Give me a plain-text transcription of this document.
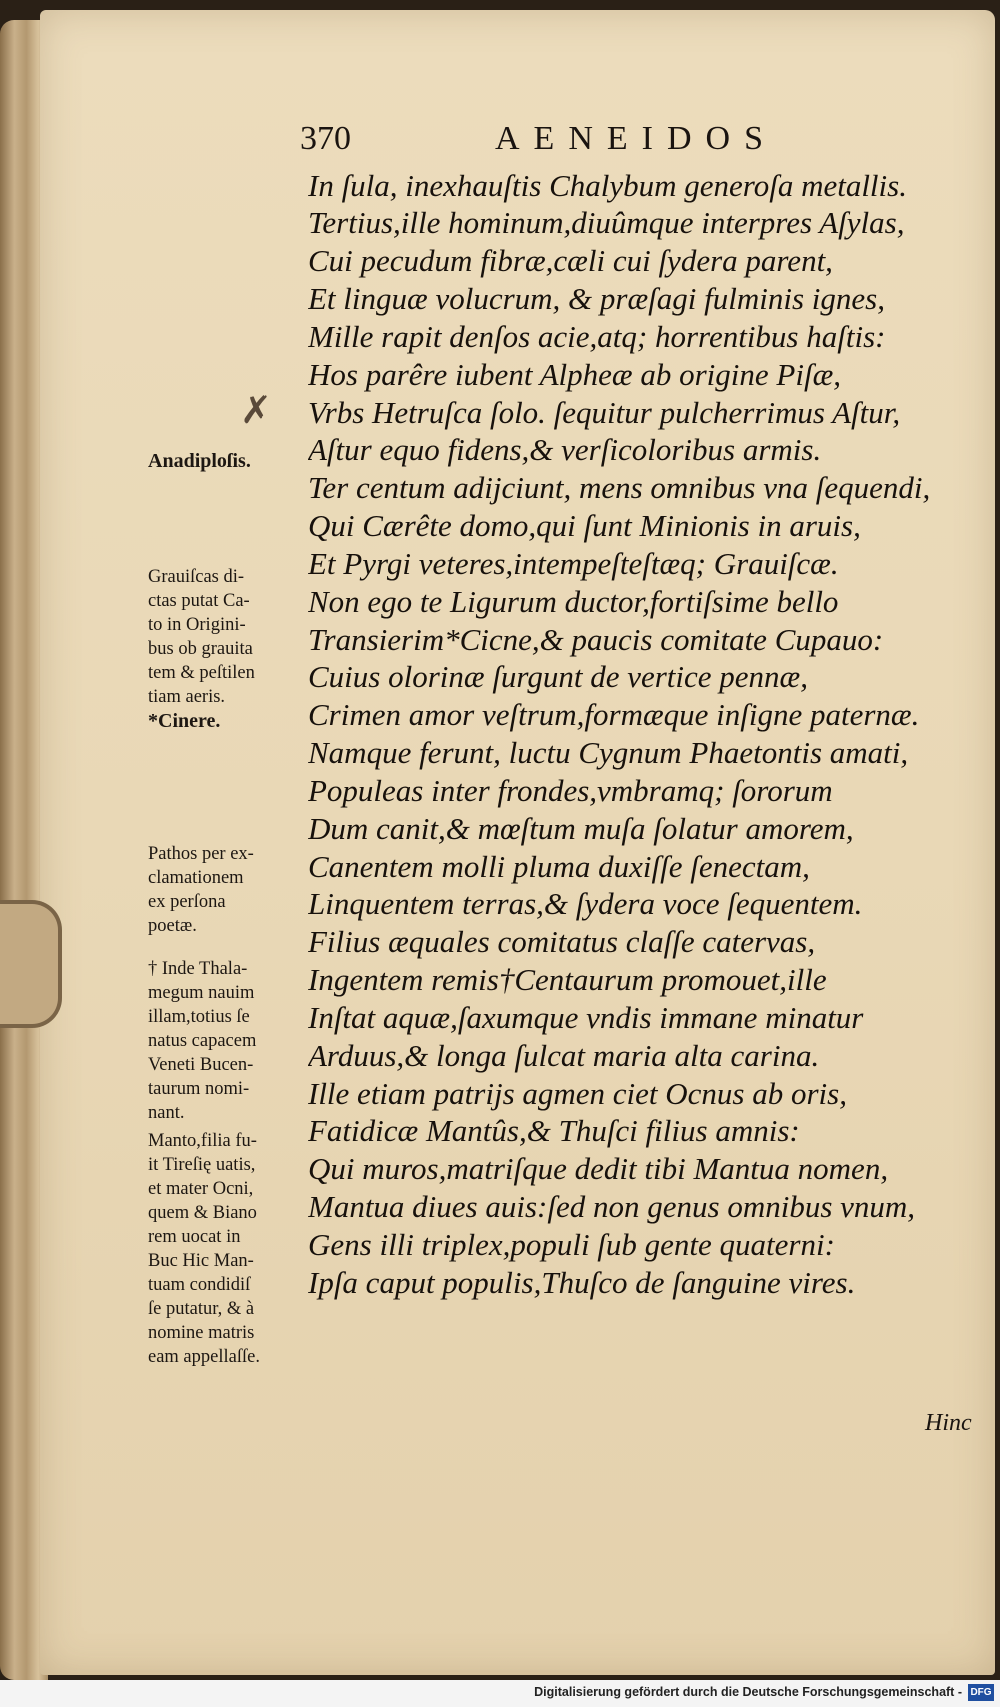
370	AENEIDOS

In ſula, inexhauſtis Chalybum generoſa metallis.

Tertius,ille hominum,diuûmque interpres Aſylas,

Cui pecudum fibræ,cæli cui ſydera parent,

Et linguæ volucrum, & præſagi fulminis ignes,

Mille rapit denſos acie,atq; horrentibus haſtis:

Hos parêre iubent Alpheæ ab origine Piſæ,

Vrbs Hetruſca ſolo. ſequitur pulcherrimus Aſtur,

Aſtur equo fidens,& verſicoloribus armis.

Ter centum adijciunt, mens omnibus vna ſequendi,

Qui Cærête domo,qui ſunt Minionis in aruis,

Et Pyrgi veteres,intempeſteſtæq; Grauiſcæ.

Non ego te Ligurum ductor,fortiſsime bello

Transierim*Cicne,& paucis comitate Cupauo:

Cuius olorinæ ſurgunt de vertice pennæ,

Crimen amor veſtrum,formæque inſigne paternæ.

Namque ferunt, luctu Cygnum Phaetontis amati,

Populeas inter frondes,vmbramq; ſororum

Dum canit,& mœſtum muſa ſolatur amorem,

Canentem molli pluma duxiſſe ſenectam,

Linquentem terras,& ſydera voce ſequentem.

Filius æquales comitatus claſſe catervas,

Ingentem remis†Centaurum promouet,ille

Inſtat aquæ,ſaxumque vndis immane minatur

Arduus,& longa ſulcat maria alta carina.

Ille etiam patrijs agmen ciet Ocnus ab oris,

Fatidicæ Mantûs,& Thuſci filius amnis:

Qui muros,matriſque dedit tibi Mantua nomen,

Mantua diues auis:ſed non genus omnibus vnum,

Gens illi triplex,populi ſub gente quaterni:

Ipſa caput populis,Thuſco de ſanguine vires.

✗

Anadiploſis.

Grauiſcas di-

ctas putat Ca-

to in Origini-

bus ob grauita

tem & peſtilen

tiam aeris.

*Cinere.

Pathos per ex-

clamationem

ex perſona

poetæ.

† Inde Thala-

megum nauim

illam,totius ſe

natus capacem

Veneti Bucen-

taurum nomi-

nant.

Manto,filia fu-

it Tireſię uatis,

et mater Ocni,

quem & Biano

rem uocat in

Buc Hic Man-

tuam condidiſ

ſe putatur, & à

nomine matris

eam appellaſſe.

Hinc
Digitalisierung gefördert durch die Deutsche Forschungsgemeinschaft - DFG
